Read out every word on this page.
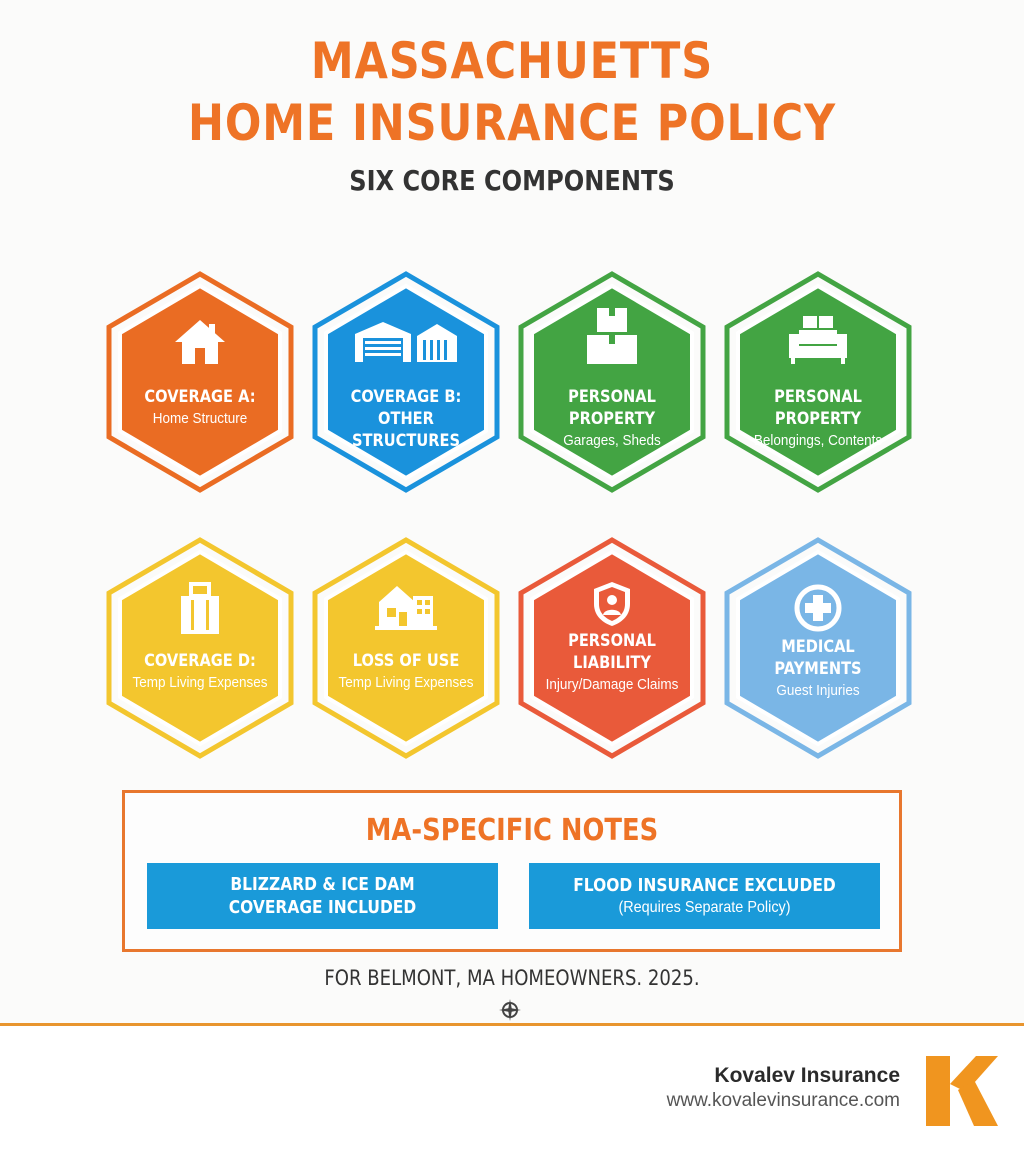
MASSACHUETTS
HOME INSURANCE POLICY
SIX CORE COMPONENTS
COVERAGE A:
Home Structure
COVERAGE B: OTHER STRUCTURES
PERSONAL PROPERTY
Garages, Sheds
PERSONAL PROPERTY
Belongings, Contents
COVERAGE D:
Temp Living Expenses
LOSS OF USE
Temp Living Expenses
PERSONAL LIABILITY
Injury/Damage Claims
MEDICAL PAYMENTS
Guest Injuries
MA-SPECIFIC NOTES
BLIZZARD & ICE DAM COVERAGE INCLUDED
FLOOD INSURANCE EXCLUDED
(Requires Separate Policy)
FOR BELMONT, MA HOMEOWNERS. 2025.
Kovalev Insurance
www.kovalevinsurance.com
